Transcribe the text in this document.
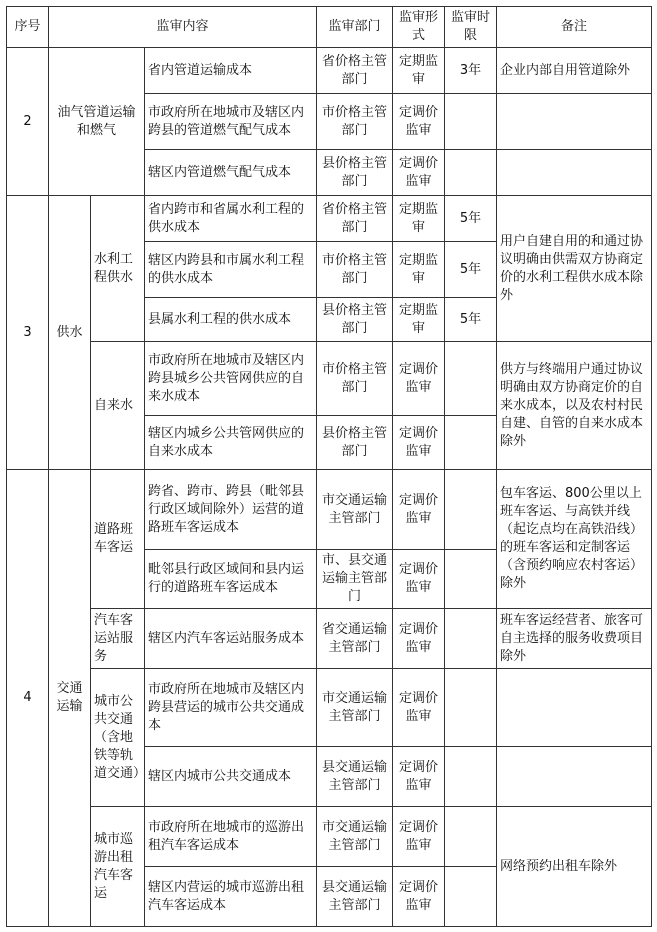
序号	监审内容			监审部门	监审形式	监审时限	备注
2	油气管道运输和燃气		省内管道运输成本	省价格主管部门	定期监审	3年	企业内部自用管道除外
			市政府所在地城市及辖区内跨县的管道燃气配气成本	市价格主管部门	定调价监审		
			辖区内管道燃气配气成本	县价格主管部门	定调价监审		
3	供水	水利工程供水	省内跨市和省属水利工程的供水成本	省价格主管部门	定期监审	5年	用户自建自用的和通过协议明确由供需双方协商定价的水利工程供水成本除外
			辖区内跨县和市属水利工程的供水成本	市价格主管部门	定期监审	5年	
			县属水利工程的供水成本	县价格主管部门	定期监审	5年	
		自来水	市政府所在地城市及辖区内跨县城乡公共管网供应的自来水成本	市价格主管部门	定调价监审		供方与终端用户通过协议明确由双方协商定价的自来水成本，以及农村村民自建、自管的自来水成本除外
			辖区内城乡公共管网供应的自来水成本	县价格主管部门	定调价监审		
4	交通运输	道路班车客运	跨省、跨市、跨县（毗邻县行政区域间除外）运营的道路班车客运成本	市交通运输主管部门	定调价监审		包车客运、800公里以上班车客运、与高铁并线（起讫点均在高铁沿线）的班车客运和定制客运（含预约响应农村客运）除外
			毗邻县行政区域间和县内运行的道路班车客运成本	市、县交通运输主管部门	定调价监审		
		汽车客运站服务	辖区内汽车客运站服务成本	省交通运输主管部门	定调价监审		班车客运经营者、旅客可自主选择的服务收费项目除外
		城市公共交通（含地铁等轨道交通）	市政府所在地城市及辖区内跨县营运的城市公共交通成本	市交通运输主管部门	定调价监审		
			辖区内城市公共交通成本	县交通运输主管部门	定调价监审		
		城市巡游出租汽车客运	市政府所在地城市的巡游出租汽车客运成本	市交通运输主管部门	定调价监审		网络预约出租车除外
			辖区内营运的城市巡游出租汽车客运成本	县交通运输主管部门	定调价监审		
